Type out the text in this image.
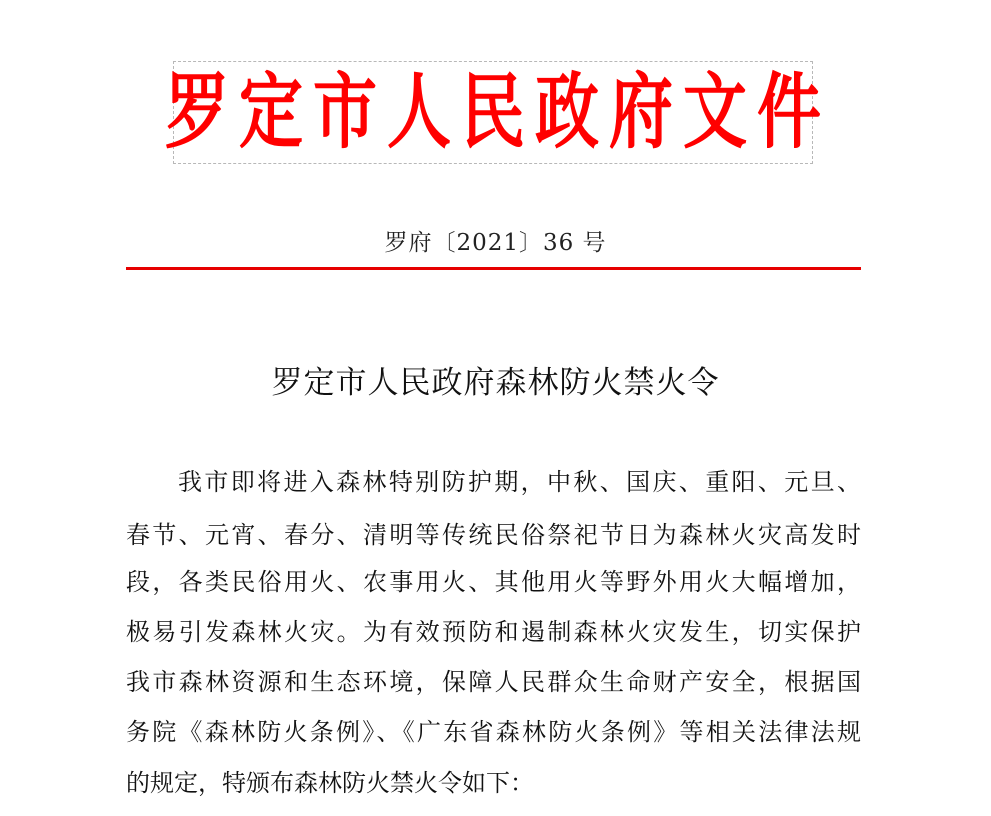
罗定市人民政府文件
罗府〔2021〕36 号
罗定市人民政府森林防火禁火令
我市即将进入森林特别防护期，中秋、国庆、重阳、元旦、
春节、元宵、春分、清明等传统民俗祭祀节日为森林火灾高发时
段，各类民俗用火、农事用火、其他用火等野外用火大幅增加，
极易引发森林火灾。为有效预防和遏制森林火灾发生，切实保护
我市森林资源和生态环境，保障人民群众生命财产安全，根据国
务院《森林防火条例》、《广东省森林防火条例》等相关法律法规
的规定，特颁布森林防火禁火令如下：
